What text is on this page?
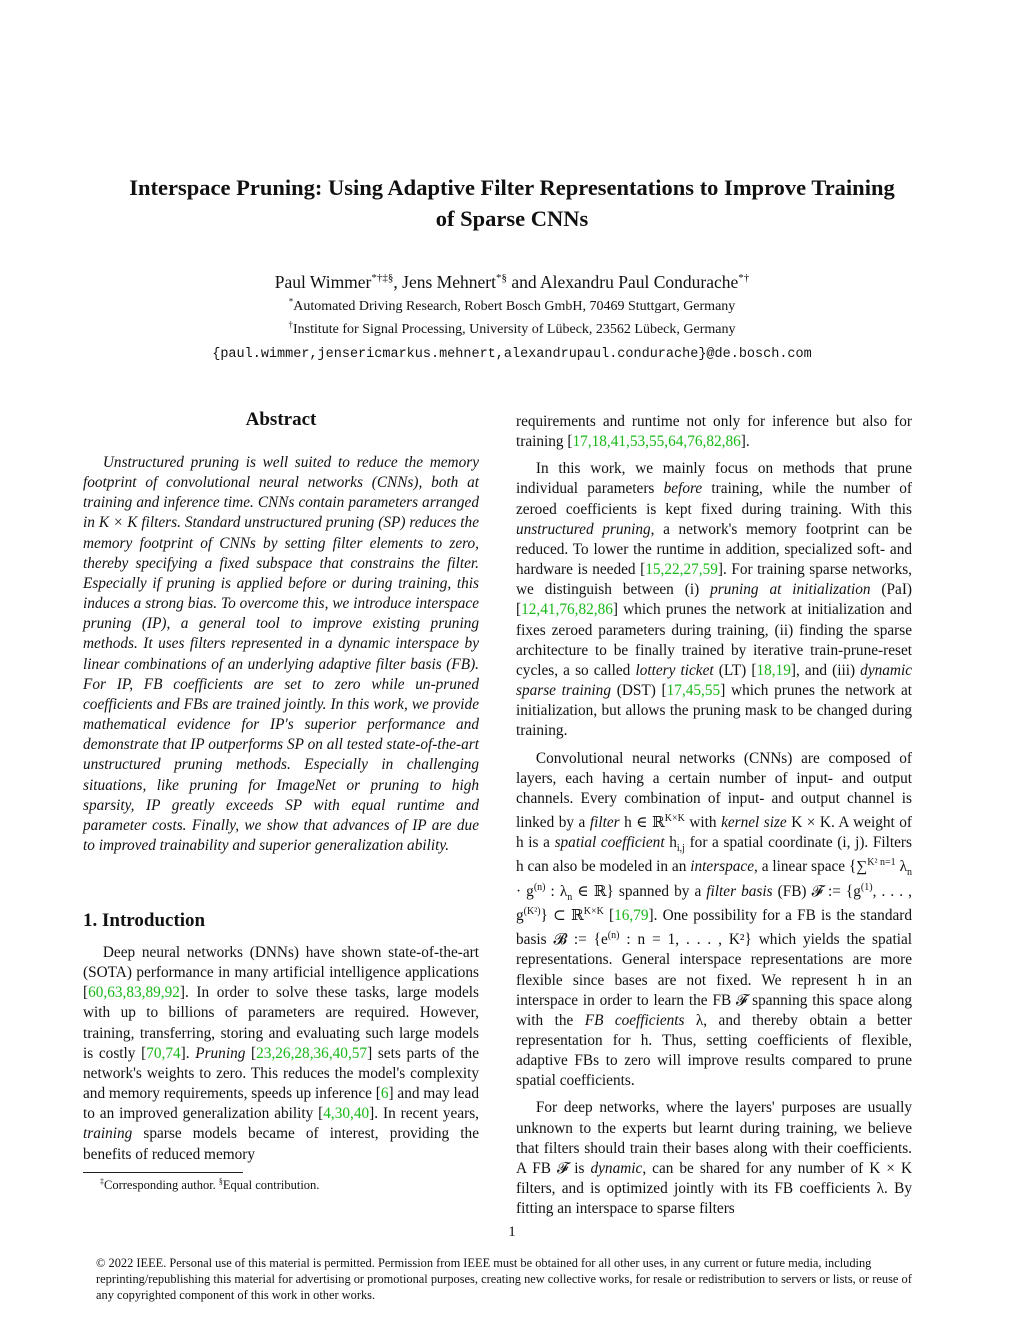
Interspace Pruning: Using Adaptive Filter Representations to Improve Training
of Sparse CNNs
Paul Wimmer*†‡§, Jens Mehnert*§ and Alexandru Paul Condurache*†
*Automated Driving Research, Robert Bosch GmbH, 70469 Stuttgart, Germany
†Institute for Signal Processing, University of Lübeck, 23562 Lübeck, Germany
{paul.wimmer,jensericmarkus.mehnert,alexandrupaul.condurache}@de.bosch.com
Abstract
Unstructured pruning is well suited to reduce the memory footprint of convolutional neural networks (CNNs), both at training and inference time. CNNs contain parameters arranged in K × K filters. Standard unstructured pruning (SP) reduces the memory footprint of CNNs by setting filter elements to zero, thereby specifying a fixed subspace that constrains the filter. Especially if pruning is applied before or during training, this induces a strong bias. To overcome this, we introduce interspace pruning (IP), a general tool to improve existing pruning methods. It uses filters represented in a dynamic interspace by linear combinations of an underlying adaptive filter basis (FB). For IP, FB coefficients are set to zero while un-pruned coefficients and FBs are trained jointly. In this work, we provide mathematical evidence for IP's superior performance and demonstrate that IP outperforms SP on all tested state-of-the-art unstructured pruning methods. Especially in challenging situations, like pruning for ImageNet or pruning to high sparsity, IP greatly exceeds SP with equal runtime and parameter costs. Finally, we show that advances of IP are due to improved trainability and superior generalization ability.
1. Introduction

Deep neural networks (DNNs) have shown state-of-the-art (SOTA) performance in many artificial intelligence applications [60,63,83,89,92]. In order to solve these tasks, large models with up to billions of parameters are required. However, training, transferring, storing and evaluating such large models is costly [70,74]. Pruning [23,26,28,36,40,57] sets parts of the network's weights to zero. This reduces the model's complexity and memory requirements, speeds up inference [6] and may lead to an improved generalization ability [4,30,40]. In recent years, training sparse models became of interest, providing the benefits of reduced memory

requirements and runtime not only for inference but also for training [17,18,41,53,55,64,76,82,86].

In this work, we mainly focus on methods that prune individual parameters before training, while the number of zeroed coefficients is kept fixed during training. With this unstructured pruning, a network's memory footprint can be reduced. To lower the runtime in addition, specialized soft- and hardware is needed [15,22,27,59]. For training sparse networks, we distinguish between (i) pruning at initialization (PaI) [12,41,76,82,86] which prunes the network at initialization and fixes zeroed parameters during training, (ii) finding the sparse architecture to be finally trained by iterative train-prune-reset cycles, a so called lottery ticket (LT) [18,19], and (iii) dynamic sparse training (DST) [17,45,55] which prunes the network at initialization, but allows the pruning mask to be changed during training.

Convolutional neural networks (CNNs) are composed of layers, each having a certain number of input- and output channels. Every combination of input- and output channel is linked by a filter h ∈ ℝ$^{K\times K}$ with kernel size K × K. A weight of h is a spatial coefficient $h_{i,j}$ for a spatial coordinate (i, j). Filters h can also be modeled in an interspace, a linear space {∑$^{K^2 n=1}$ $\lambda_n \cdot g^{(n)}$ : $\lambda_n$ ∈ ℝ} spanned by a filter basis (FB) 𝓕 := {$g^{(1)}$, . . . , $g^{(K^2)}$} ⊂ ℝ$^{K\times K}$ [16,79]. One possibility for a FB is the standard basis 𝓑 := {$e^{(n)}$ : n = 1, . . . , K²} which yields the spatial representations. General interspace representations are more flexible since bases are not fixed. We represent h in an interspace in order to learn the FB 𝓕 spanning this space along with the FB coefficients λ, and thereby obtain a better representation for h. Thus, setting coefficients of flexible, adaptive FBs to zero will improve results compared to prune spatial coefficients.

For deep networks, where the layers' purposes are usually unknown to the experts but learnt during training, we believe that filters should train their bases along with their coefficients. A FB 𝓕 is dynamic, can be shared for any number of K × K filters, and is optimized jointly with its FB coefficients λ. By fitting an interspace to sparse filters

‡Corresponding author. §Equal contribution.
1
© 2022 IEEE. Personal use of this material is permitted. Permission from IEEE must be obtained for all other uses, in any current or future media, including reprinting/republishing this material for advertising or promotional purposes, creating new collective works, for resale or redistribution to servers or lists, or reuse of any copyrighted component of this work in other works.
